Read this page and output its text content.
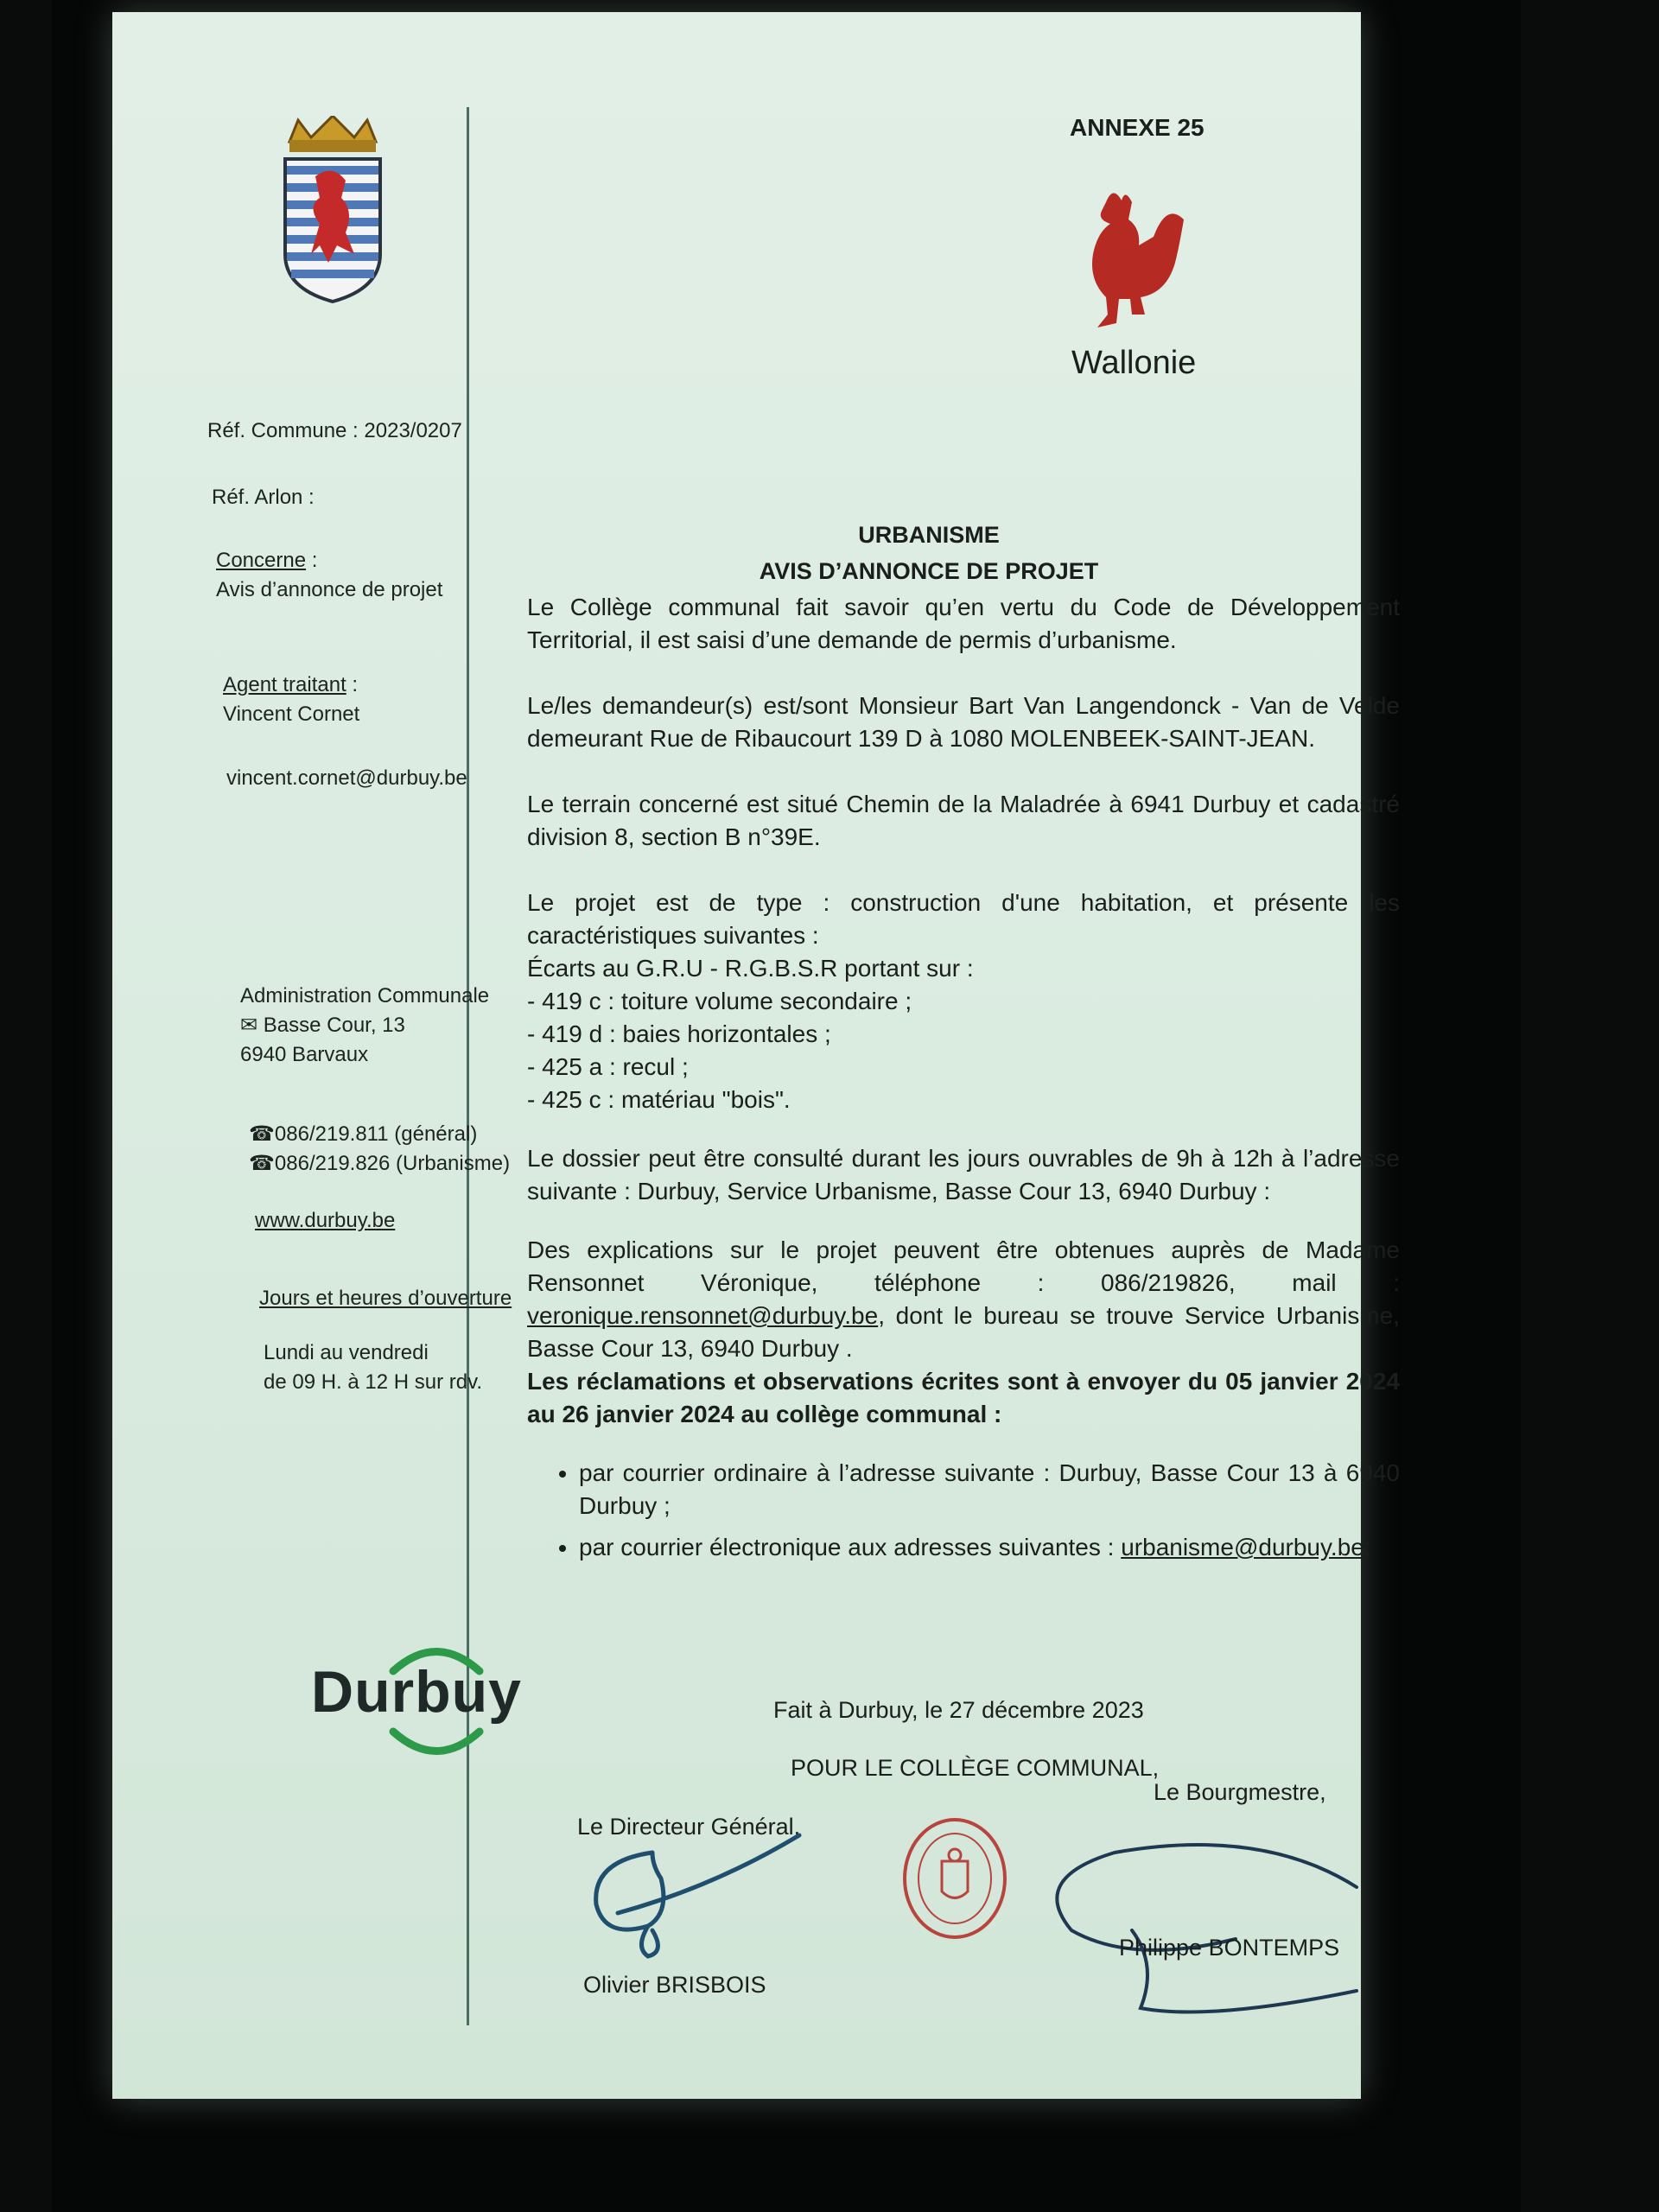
Réf. Commune : 2023/0207
Réf. Arlon :
Concerne :
Avis d’annonce de projet
Agent traitant :
Vincent Cornet
vincent.cornet@durbuy.be
Administration Communale
✉ Basse Cour, 13
6940 Barvaux
☎086/219.811 (général)
☎086/219.826 (Urbanisme)
www.durbuy.be
Jours et heures d’ouverture
Lundi au vendredi
de 09 H. à 12 H sur rdv.
Durbuy
ANNEXE 25
Wallonie
URBANISME
AVIS D’ANNONCE DE PROJET

Le Collège communal fait savoir qu’en vertu du Code de Développement Territorial, il est saisi d’une demande de permis d’urbanisme.

Le/les demandeur(s) est/sont Monsieur Bart Van Langendonck - Van de Velde demeurant Rue de Ribaucourt 139 D à 1080 MOLENBEEK-SAINT-JEAN.

Le terrain concerné est situé Chemin de la Maladrée à 6941 Durbuy et cadastré division 8, section B n°39E.

Le projet est de type : construction d'une habitation, et présente les caractéristiques suivantes :

Écarts au G.R.U - R.G.B.S.R portant sur :

- 419 c : toiture volume secondaire ;

- 419 d : baies horizontales ;

- 425 a : recul ;

- 425 c : matériau "bois".

Le dossier peut être consulté durant les jours ouvrables de 9h à 12h à l’adresse suivante : Durbuy, Service Urbanisme, Basse Cour 13, 6940 Durbuy :

Des explications sur le projet peuvent être obtenues auprès de Madame Rensonnet Véronique, téléphone : 086/219826, mail : veronique.rensonnet@durbuy.be, dont le bureau se trouve Service Urbanisme, Basse Cour 13, 6940 Durbuy .

Les réclamations et observations écrites sont à envoyer du 05 janvier 2024 au 26 janvier 2024 au collège communal :

• par courrier ordinaire à l’adresse suivante : Durbuy, Basse Cour 13 à 6940 Durbuy ;
• par courrier électronique aux adresses suivantes : urbanisme@durbuy.be;
Fait à Durbuy, le 27 décembre 2023
POUR LE COLLÈGE COMMUNAL,
Le Bourgmestre,
Le Directeur Général,
Olivier BRISBOIS
Philippe BONTEMPS
